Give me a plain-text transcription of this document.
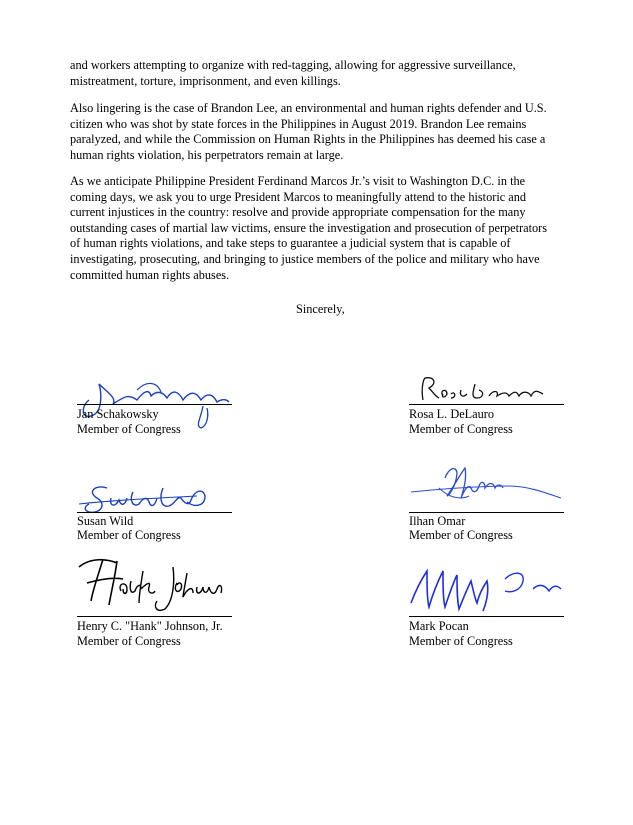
and workers attempting to organize with red-tagging, allowing for aggressive surveillance, mistreatment, torture, imprisonment, and even killings.

Also lingering is the case of Brandon Lee, an environmental and human rights defender and U.S. citizen who was shot by state forces in the Philippines in August 2019. Brandon Lee remains paralyzed, and while the Commission on Human Rights in the Philippines has deemed his case a human rights violation, his perpetrators remain at large.

As we anticipate Philippine President Ferdinand Marcos Jr.’s visit to Washington D.C. in the coming days, we ask you to urge President Marcos to meaningfully attend to the historic and current injustices in the country: resolve and provide appropriate compensation for the many outstanding cases of martial law victims, ensure the investigation and prosecution of perpetrators of human rights violations, and take steps to guarantee a judicial system that is capable of investigating, prosecuting, and bringing to justice members of the police and military who have committed human rights abuses.

Sincerely,
Jan Schakowsky
Member of Congress
Rosa L. DeLauro
Member of Congress
Susan Wild
Member of Congress
Ilhan Omar
Member of Congress
Henry C. "Hank" Johnson, Jr.
Member of Congress
Mark Pocan
Member of Congress
